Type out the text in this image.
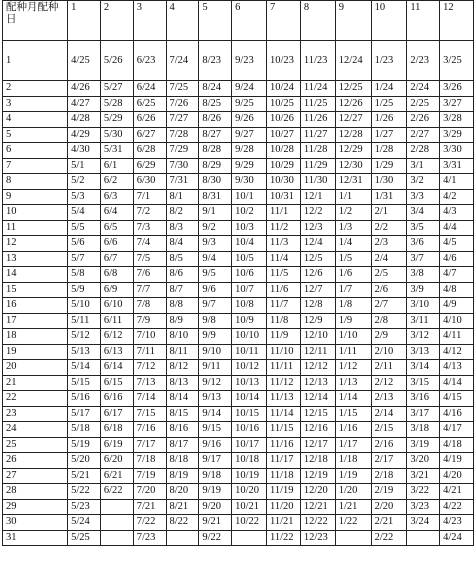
配种月配种日	1	2	3	4	5	6	7	8	9	10	11	12
1	4/25	5/26	6/23	7/24	8/23	9/23	10/23	11/23	12/24	1/23	2/23	3/25
2	4/26	5/27	6/24	7/25	8/24	9/24	10/24	11/24	12/25	1/24	2/24	3/26
3	4/27	5/28	6/25	7/26	8/25	9/25	10/25	11/25	12/26	1/25	2/25	3/27
4	4/28	5/29	6/26	7/27	8/26	9/26	10/26	11/26	12/27	1/26	2/26	3/28
5	4/29	5/30	6/27	7/28	8/27	9/27	10/27	11/27	12/28	1/27	2/27	3/29
6	4/30	5/31	6/28	7/29	8/28	9/28	10/28	11/28	12/29	1/28	2/28	3/30
7	5/1	6/1	6/29	7/30	8/29	9/29	10/29	11/29	12/30	1/29	3/1	3/31
8	5/2	6/2	6/30	7/31	8/30	9/30	10/30	11/30	12/31	1/30	3/2	4/1
9	5/3	6/3	7/1	8/1	8/31	10/1	10/31	12/1	1/1	1/31	3/3	4/2
10	5/4	6/4	7/2	8/2	9/1	10/2	11/1	12/2	1/2	2/1	3/4	4/3
11	5/5	6/5	7/3	8/3	9/2	10/3	11/2	12/3	1/3	2/2	3/5	4/4
12	5/6	6/6	7/4	8/4	9/3	10/4	11/3	12/4	1/4	2/3	3/6	4/5
13	5/7	6/7	7/5	8/5	9/4	10/5	11/4	12/5	1/5	2/4	3/7	4/6
14	5/8	6/8	7/6	8/6	9/5	10/6	11/5	12/6	1/6	2/5	3/8	4/7
15	5/9	6/9	7/7	8/7	9/6	10/7	11/6	12/7	1/7	2/6	3/9	4/8
16	5/10	6/10	7/8	8/8	9/7	10/8	11/7	12/8	1/8	2/7	3/10	4/9
17	5/11	6/11	7/9	8/9	9/8	10/9	11/8	12/9	1/9	2/8	3/11	4/10
18	5/12	6/12	7/10	8/10	9/9	10/10	11/9	12/10	1/10	2/9	3/12	4/11
19	5/13	6/13	7/11	8/11	9/10	10/11	11/10	12/11	1/11	2/10	3/13	4/12
20	5/14	6/14	7/12	8/12	9/11	10/12	11/11	12/12	1/12	2/11	3/14	4/13
21	5/15	6/15	7/13	8/13	9/12	10/13	11/12	12/13	1/13	2/12	3/15	4/14
22	5/16	6/16	7/14	8/14	9/13	10/14	11/13	12/14	1/14	2/13	3/16	4/15
23	5/17	6/17	7/15	8/15	9/14	10/15	11/14	12/15	1/15	2/14	3/17	4/16
24	5/18	6/18	7/16	8/16	9/15	10/16	11/15	12/16	1/16	2/15	3/18	4/17
25	5/19	6/19	7/17	8/17	9/16	10/17	11/16	12/17	1/17	2/16	3/19	4/18
26	5/20	6/20	7/18	8/18	9/17	10/18	11/17	12/18	1/18	2/17	3/20	4/19
27	5/21	6/21	7/19	8/19	9/18	10/19	11/18	12/19	1/19	2/18	3/21	4/20
28	5/22	6/22	7/20	8/20	9/19	10/20	11/19	12/20	1/20	2/19	3/22	4/21
29	5/23		7/21	8/21	9/20	10/21	11/20	12/21	1/21	2/20	3/23	4/22
30	5/24		7/22	8/22	9/21	10/22	11/21	12/22	1/22	2/21	3/24	4/23
31	5/25		7/23		9/22		11/22	12/23		2/22		4/24
